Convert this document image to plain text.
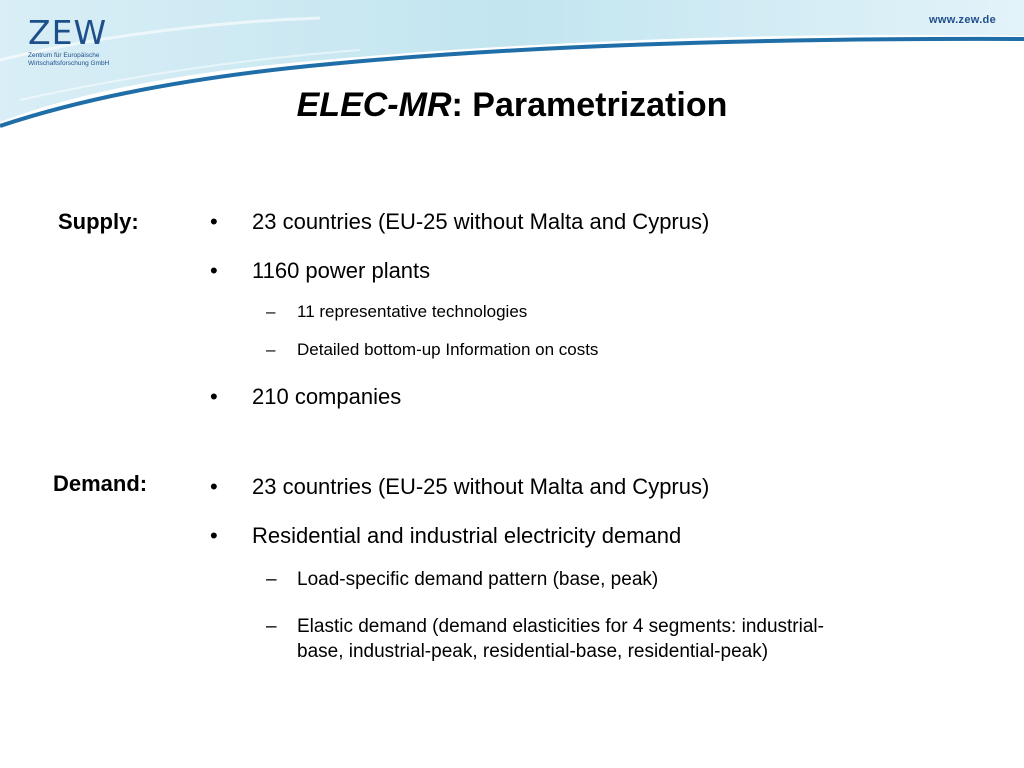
ZEW
Zentrum für Europäische
Wirtschaftsforschung GmbH
www.zew.de
ELEC-MR: Parametrization
Supply:	• 23 countries (EU-25 without Malta and Cyprus)
• 1160 power plants
– 11 representative technologies
– Detailed bottom-up Information on costs
• 210 companies
Demand:	• 23 countries (EU-25 without Malta and Cyprus)
• Residential and industrial electricity demand
– Load-specific demand pattern (base, peak)
– Elastic demand (demand elasticities for 4 segments: industrial-
base, industrial-peak, residential-base, residential-peak)
